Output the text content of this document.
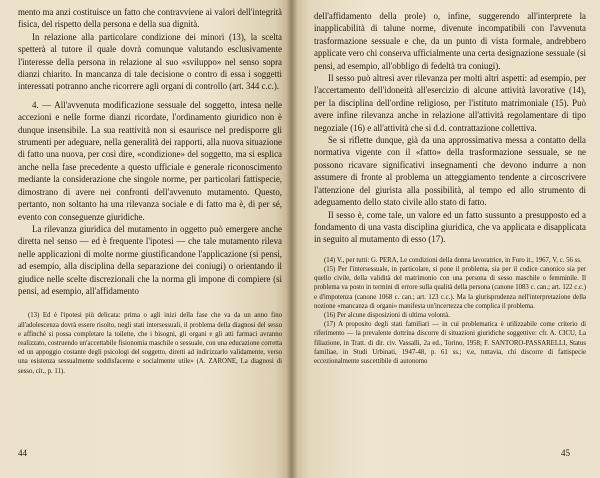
mento ma anzi costituisce un fatto che contravviene ai valori dell'integrità fisica, del rispetto della persona e della sua dignità.

In relazione alla particolare condizione dei minori (13), la scelta spetterà al tutore il quale dovrà comunque valutando esclusivamente l'interesse della persona in relazione al suo «sviluppo» nel senso sopra dianzi chiarito. In mancanza di tale decisione o contro di essa i soggetti interessati potranno anche ricorrere agli organi di controllo (art. 344 c.c.).

4. — All'avvenuta modificazione sessuale del soggetto, intesa nelle accezioni e nelle forme dianzi ricordate, l'ordinamento giuridico non è dunque insensibile. La sua reattività non si esaurisce nel predisporre gli strumenti per adeguare, nella generalità dei rapporti, alla nuova situazione di fatto una nuova, per così dire, «condizione» del soggetto, ma si esplica anche nella fase precedente a questo ufficiale e generale riconoscimento mediante la considerazione che singole norme, per particolari fattispecie, dimostrano di avere nei confronti dell'avvenuto mutamento. Questo, pertanto, non soltanto ha una rilevanza sociale e di fatto ma è, di per sé, evento con conseguenze giuridiche.

La rilevanza giuridica del mutamento in oggetto può emergere anche diretta nel senso — ed è frequente l'ipotesi — che tale mutamento rileva nelle applicazioni di molte norme giustificandone l'applicazione (si pensi, ad esempio, alla disciplina della separazione dei coniugi) o orientando il giudice nelle scelte discrezionali che la norma gli impone di compiere (si pensi, ad esempio, all'affidamento

(13) Ed è l'ipotesi più delicata: prima o agli inizi della fase che va da un anno fino all'adolescenza dovrà essere risolto, negli stati intersessuali, il problema della diagnosi del sesso e affinché si possa completare la toilette, che i bisogni, gli organi e gli atti farmaci avranno realizzato, costruendo un'accettabile fisionomia maschile o sessuale, con una educazione corretta ed un appoggio costante degli psicologi del soggetto, diretti ad indirizzarlo validamente, verso una esistenza sessualmente soddisfacente e socialmente utile» (A. ZARONE, La diagnosi di sesso, cit., p. 11).

44

dell'affidamento della prole) o, infine, suggerendo all'interprete la inapplicabilità di talune norme, divenute incompatibili con l'avvenuta trasformazione sessuale e che, da un punto di vista formale, andrebbero applicate vero chi conserva ufficialmente una certa designazione sessuale (si pensi, ad esempio, all'obbligo di fedeltà tra coniugi).

Il sesso può altresì aver rilevanza per molti altri aspetti: ad esempio, per l'accertamento dell'idoneità all'esercizio di alcune attività lavorative (14), per la disciplina dell'ordine religioso, per l'istituto matrimoniale (15). Può avere infine rilevanza anche in relazione all'attività regolamentare di tipo negoziale (16) e all'attività che si d.d. contrattazione collettiva.

Se si riflette dunque, già da una approssimativa messa a contatto della normativa vigente con il «fatto» della trasformazione sessuale, se ne possono ricavare significativi insegnamenti che devono indurre a non assumere di fronte al problema un atteggiamento tendente a circoscrivere l'attenzione del giurista alla possibilità, al tempo ed allo strumento di adeguamento dello stato civile allo stato di fatto.

Il sesso è, come tale, un valore ed un fatto sussunto a presupposto ed a fondamento di una vasta disciplina giuridica, che va applicata e disapplicata in seguito al mutamento di esso (17).

(14) V., per tutti: G. PERA, Le condizioni della donna lavoratrice, in Foro it., 1967, V, c. 56 ss.

(15) Per l'intersessuale, in particolare, si pone il problema, sia per il codice canonico sia per quello civile, della validità del matrimonio con una persona di sesso maschile o femminile. Il problema va posto in termini di errore sulla qualità della persona (canone 1083 c. can.; art. 122 c.c.) e d'impotenza (canone 1068 c. can.; art. 123 c.c.). Ma la giurisprudenza nell'interpretazione della nozione «mancanza di organi» manifesta un'incertezza che complica il problema.

(16) Per alcune disposizioni di ultima volontà.

(17) A proposito degli stati familiari — in cui problematica è utilizzabile come criterio di riferimento — la prevalente dottrina discorre di situazioni giuridiche soggettive: cfr. A. CICU, La filiazione, in Tratt. di dir. civ. Vassalli, 2a ed., Torino, 1958; F. SANTORO-PASSARELLI, Status familiae, in Studi Urbinati, 1947-48, p. 61 ss.; v.e, tuttavia, chi discorre di fattispecie eccezionalmente suscettibile di autonomo

45
